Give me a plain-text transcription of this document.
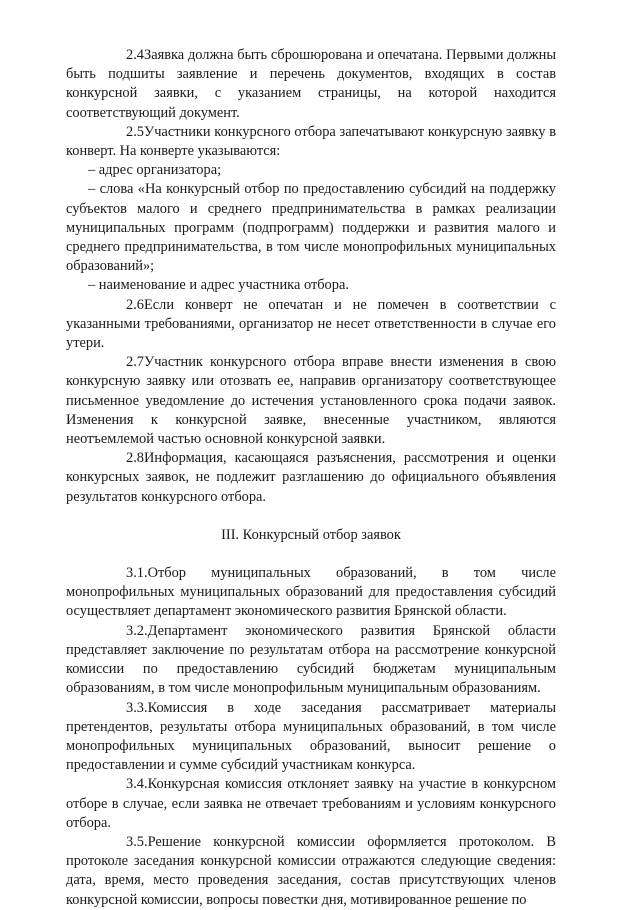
2.4Заявка должна быть сброшюрована и опечатана. Первыми должны быть подшиты заявление и перечень документов, входящих в состав конкурсной заявки, с указанием страницы, на которой находится соответствующий документ.

2.5Участники конкурсного отбора запечатывают конкурсную заявку в конверт. На конверте указываются:

– адрес организатора;

– слова «На конкурсный отбор по предоставлению субсидий на поддержку субъектов малого и среднего предпринимательства в рамках реализации муниципальных программ (подпрограмм) поддержки и развития малого и среднего предпринимательства, в том числе монопрофильных муниципальных образований»;

– наименование и адрес участника отбора.

2.6Если конверт не опечатан и не помечен в соответствии с указанными требованиями, организатор не несет ответственности в случае его утери.

2.7Участник конкурсного отбора вправе внести изменения в свою конкурсную заявку или отозвать ее, направив организатору соответствующее письменное уведомление до истечения установленного срока подачи заявок. Изменения к конкурсной заявке, внесенные участником, являются неотъемлемой частью основной конкурсной заявки.

2.8Информация, касающаяся разъяснения, рассмотрения и оценки конкурсных заявок, не подлежит разглашению до официального объявления результатов конкурсного отбора.

III. Конкурсный отбор заявок

3.1.Отбор муниципальных образований, в том числе монопрофильных муниципальных образований для предоставления субсидий осуществляет департамент экономического развития Брянской области.

3.2.Департамент экономического развития Брянской области представляет заключение по результатам отбора на рассмотрение конкурсной комиссии по предоставлению субсидий бюджетам муниципальным образованиям, в том числе монопрофильным муниципальным образованиям.

3.3.Комиссия в ходе заседания рассматривает материалы претендентов, результаты отбора муниципальных образований, в том числе монопрофильных муниципальных образований, выносит решение о предоставлении и сумме субсидий участникам конкурса.

3.4.Конкурсная комиссия отклоняет заявку на участие в конкурсном отборе в случае, если заявка не отвечает требованиям и условиям конкурсного отбора.

3.5.Решение конкурсной комиссии оформляется протоколом. В протоколе заседания конкурсной комиссии отражаются следующие сведения: дата, время, место проведения заседания, состав присутствующих членов конкурсной комиссии, вопросы повестки дня, мотивированное решение по
